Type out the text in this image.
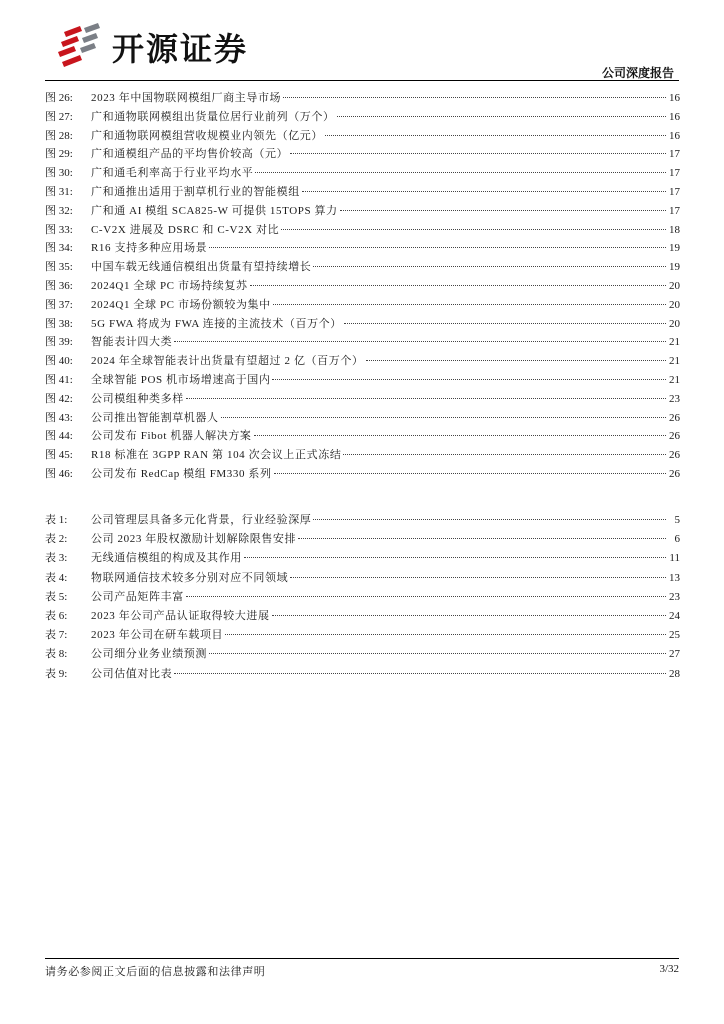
开源证券
公司深度报告
图 26:	2023 年中国物联网模组厂商主导市场	16
图 27:	广和通物联网模组出货量位居行业前列（万个）	16
图 28:	广和通物联网模组营收规模业内领先（亿元）	16
图 29:	广和通模组产品的平均售价较高（元）	17
图 30:	广和通毛利率高于行业平均水平	17
图 31:	广和通推出适用于割草机行业的智能模组	17
图 32:	广和通 AI 模组 SCA825-W 可提供 15TOPS 算力	17
图 33:	C-V2X 进展及 DSRC 和 C-V2X 对比	18
图 34:	R16 支持多种应用场景	19
图 35:	中国车载无线通信模组出货量有望持续增长	19
图 36:	2024Q1 全球 PC 市场持续复苏	20
图 37:	2024Q1 全球 PC 市场份额较为集中	20
图 38:	5G FWA 将成为 FWA 连接的主流技术（百万个）	20
图 39:	智能表计四大类	21
图 40:	2024 年全球智能表计出货量有望超过 2 亿（百万个）	21
图 41:	全球智能 POS 机市场增速高于国内	21
图 42:	公司模组种类多样	23
图 43:	公司推出智能割草机器人	26
图 44:	公司发布 Fibot 机器人解决方案	26
图 45:	R18 标准在 3GPP RAN 第 104 次会议上正式冻结	26
图 46:	公司发布 RedCap 模组 FM330 系列	26
表 1:	公司管理层具备多元化背景，行业经验深厚	5
表 2:	公司 2023 年股权激励计划解除限售安排	6
表 3:	无线通信模组的构成及其作用	11
表 4:	物联网通信技术较多分别对应不同领域	13
表 5:	公司产品矩阵丰富	23
表 6:	2023 年公司产品认证取得较大进展	24
表 7:	2023 年公司在研车载项目	25
表 8:	公司细分业务业绩预测	27
表 9:	公司估值对比表	28
请务必参阅正文后面的信息披露和法律声明	3/32
